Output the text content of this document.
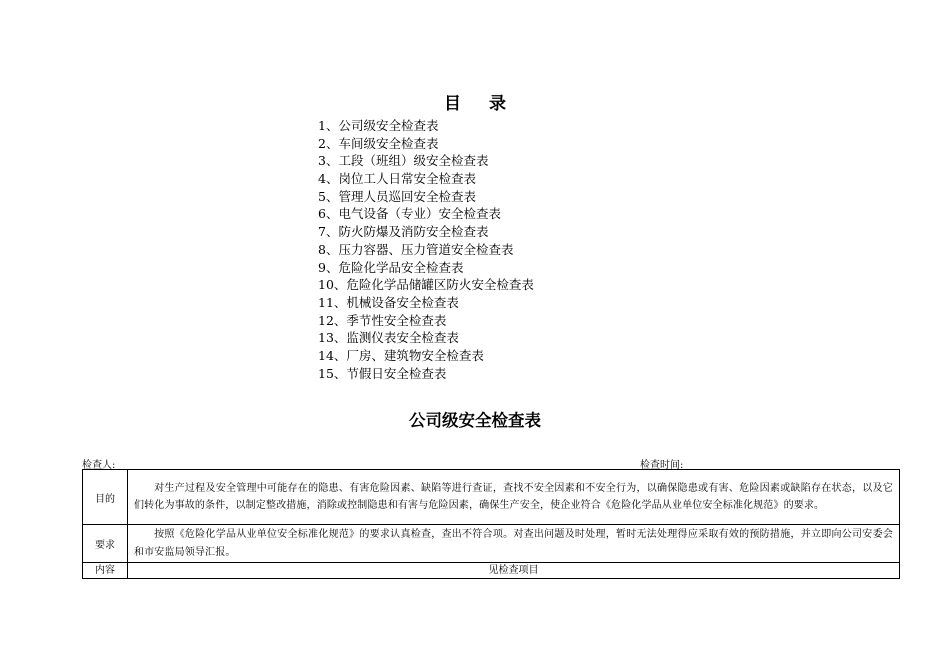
目 录
1、公司级安全检查表
2、车间级安全检查表
3、工段（班组）级安全检查表
4、岗位工人日常安全检查表
5、管理人员巡回安全检查表
6、电气设备（专业）安全检查表
7、防火防爆及消防安全检查表
8、压力容器、压力管道安全检查表
9、危险化学品安全检查表
10、危险化学品储罐区防火安全检查表
11、机械设备安全检查表
12、季节性安全检查表
13、监测仪表安全检查表
14、厂房、建筑物安全检查表
15、节假日安全检查表
公司级安全检查表
检查人:	检查时间:
目的	对生产过程及安全管理中可能存在的隐患、有害危险因素、缺陷等进行查证，查找不安全因素和不安全行为，以确保隐患或有害、危险因素或缺陷存在状态，以及它们转化为事故的条件，以制定整改措施，消除或控制隐患和有害与危险因素，确保生产安全，使企业符合《危险化学品从业单位安全标准化规范》的要求。
要求	按照《危险化学品从业单位安全标准化规范》的要求认真检查，查出不符合项。对查出问题及时处理，暂时无法处理得应采取有效的预防措施，并立即向公司安委会和市安监局领导汇报。
内容	见检查项目
